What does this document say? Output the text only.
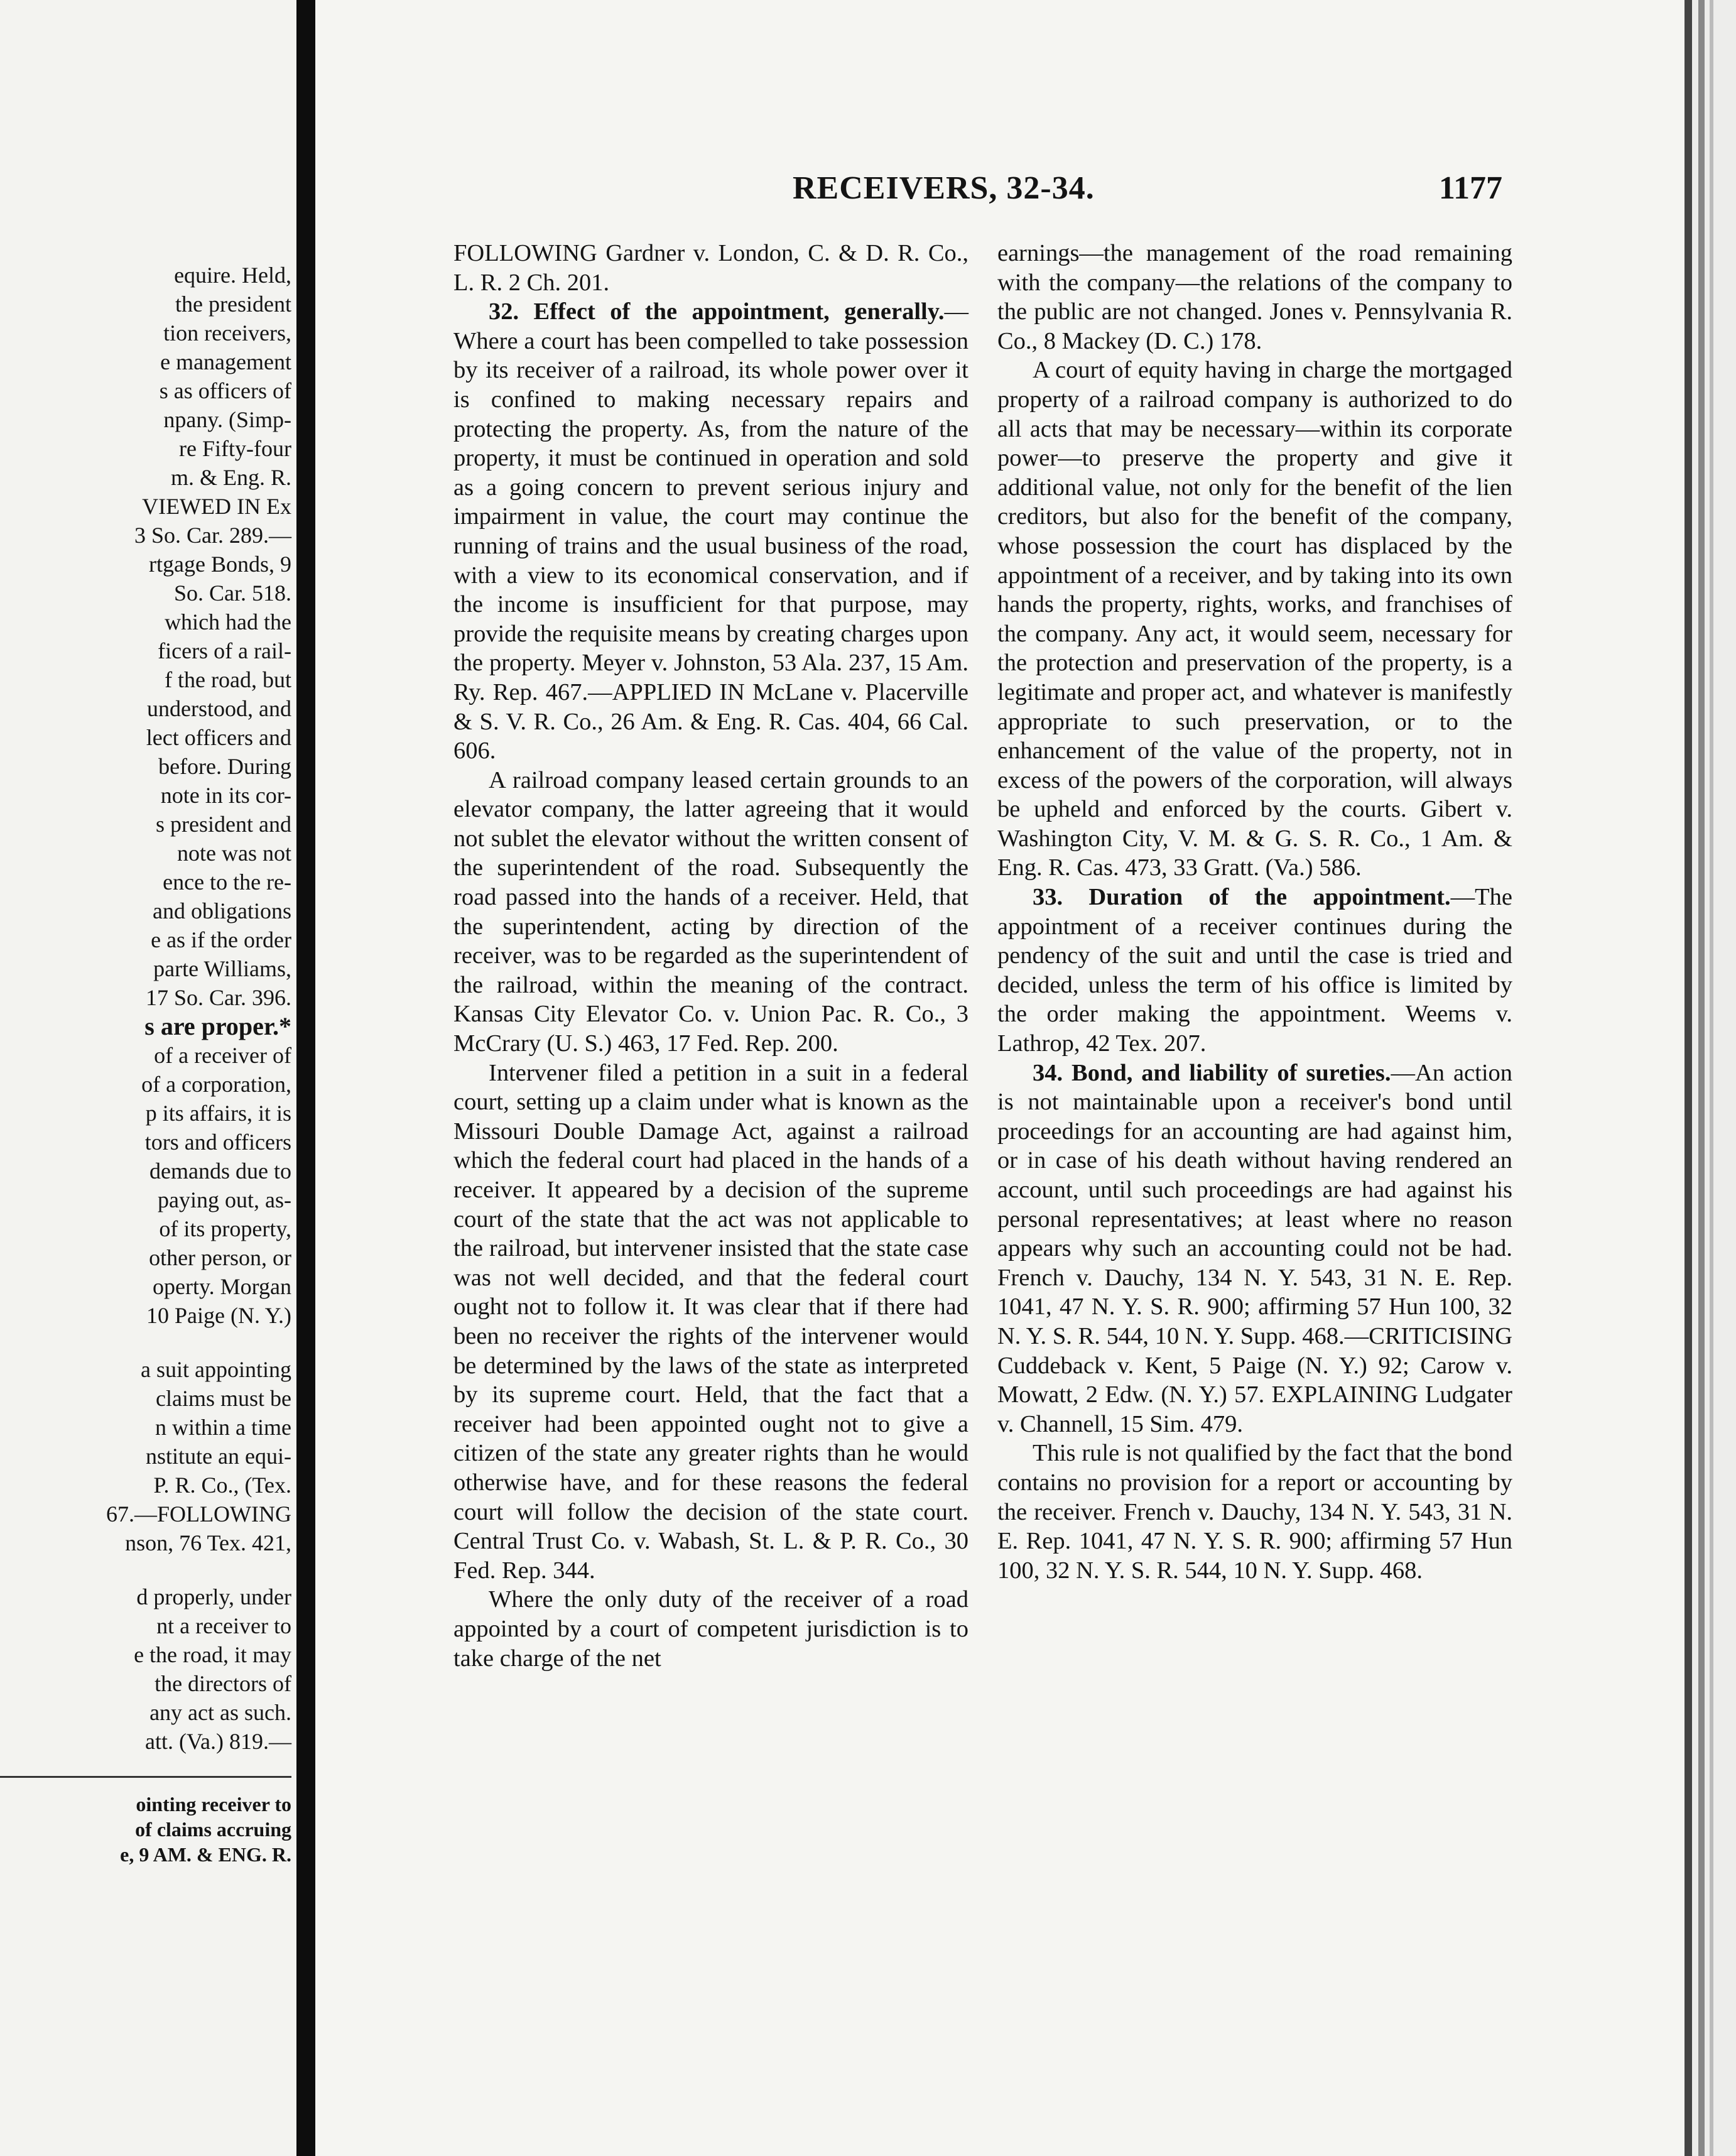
equire. Held,
the president
tion receivers,
e management
s as officers of
npany. (Simp-
re Fifty-four
m. & Eng. R.
VIEWED IN Ex
3 So. Car. 289.—
rtgage Bonds, 9
So. Car. 518.
which had the
ficers of a rail-
f the road, but
understood, and
lect officers and
before. During
note in its cor-
s president and
note was not
ence to the re-
and obligations
e as if the order
parte Williams,
17 So. Car. 396.
s are proper.*
of a receiver of
of a corporation,
p its affairs, it is
tors and officers
demands due to
paying out, as-
of its property,
other person, or
operty. Morgan
10 Paige (N. Y.)
a suit appointing
claims must be
n within a time
nstitute an equi-
P. R. Co., (Tex.
67.—FOLLOWING
nson, 76 Tex. 421,
d properly, under
nt a receiver to
e the road, it may
the directors of
any act as such.
att. (Va.) 819.—
ointing receiver to
of claims accruing
e, 9 AM. & ENG. R.
RECEIVERS, 32-34.	1177

FOLLOWING Gardner v. London, C. & D. R. Co., L. R. 2 Ch. 201.

32. Effect of the appointment, generally.—Where a court has been compelled to take possession by its receiver of a railroad, its whole power over it is confined to making necessary repairs and protecting the property. As, from the nature of the property, it must be continued in operation and sold as a going concern to prevent serious injury and impairment in value, the court may continue the running of trains and the usual business of the road, with a view to its economical conservation, and if the income is insufficient for that purpose, may provide the requisite means by creating charges upon the property. Meyer v. Johnston, 53 Ala. 237, 15 Am. Ry. Rep. 467.—APPLIED IN McLane v. Placerville & S. V. R. Co., 26 Am. & Eng. R. Cas. 404, 66 Cal. 606.

A railroad company leased certain grounds to an elevator company, the latter agreeing that it would not sublet the elevator without the written consent of the superintendent of the road. Subsequently the road passed into the hands of a receiver. Held, that the superintendent, acting by direction of the receiver, was to be regarded as the superintendent of the railroad, within the meaning of the contract. Kansas City Elevator Co. v. Union Pac. R. Co., 3 McCrary (U. S.) 463, 17 Fed. Rep. 200.

Intervener filed a petition in a suit in a federal court, setting up a claim under what is known as the Missouri Double Damage Act, against a railroad which the federal court had placed in the hands of a receiver. It appeared by a decision of the supreme court of the state that the act was not applicable to the railroad, but intervener insisted that the state case was not well decided, and that the federal court ought not to follow it. It was clear that if there had been no receiver the rights of the intervener would be determined by the laws of the state as interpreted by its supreme court. Held, that the fact that a receiver had been appointed ought not to give a citizen of the state any greater rights than he would otherwise have, and for these reasons the federal court will follow the decision of the state court. Central Trust Co. v. Wabash, St. L. & P. R. Co., 30 Fed. Rep. 344.

Where the only duty of the receiver of a road appointed by a court of competent jurisdiction is to take charge of the net

earnings—the management of the road remaining with the company—the relations of the company to the public are not changed. Jones v. Pennsylvania R. Co., 8 Mackey (D. C.) 178.

A court of equity having in charge the mortgaged property of a railroad company is authorized to do all acts that may be necessary—within its corporate power—to preserve the property and give it additional value, not only for the benefit of the lien creditors, but also for the benefit of the company, whose possession the court has displaced by the appointment of a receiver, and by taking into its own hands the property, rights, works, and franchises of the company. Any act, it would seem, necessary for the protection and preservation of the property, is a legitimate and proper act, and whatever is manifestly appropriate to such preservation, or to the enhancement of the value of the property, not in excess of the powers of the corporation, will always be upheld and enforced by the courts. Gibert v. Washington City, V. M. & G. S. R. Co., 1 Am. & Eng. R. Cas. 473, 33 Gratt. (Va.) 586.

33. Duration of the appointment.—The appointment of a receiver continues during the pendency of the suit and until the case is tried and decided, unless the term of his office is limited by the order making the appointment. Weems v. Lathrop, 42 Tex. 207.

34. Bond, and liability of sureties.—An action is not maintainable upon a receiver's bond until proceedings for an accounting are had against him, or in case of his death without having rendered an account, until such proceedings are had against his personal representatives; at least where no reason appears why such an accounting could not be had. French v. Dauchy, 134 N. Y. 543, 31 N. E. Rep. 1041, 47 N. Y. S. R. 900; affirming 57 Hun 100, 32 N. Y. S. R. 544, 10 N. Y. Supp. 468.—CRITICISING Cuddeback v. Kent, 5 Paige (N. Y.) 92; Carow v. Mowatt, 2 Edw. (N. Y.) 57. EXPLAINING Ludgater v. Channell, 15 Sim. 479.

This rule is not qualified by the fact that the bond contains no provision for a report or accounting by the receiver. French v. Dauchy, 134 N. Y. 543, 31 N. E. Rep. 1041, 47 N. Y. S. R. 900; affirming 57 Hun 100, 32 N. Y. S. R. 544, 10 N. Y. Supp. 468.
